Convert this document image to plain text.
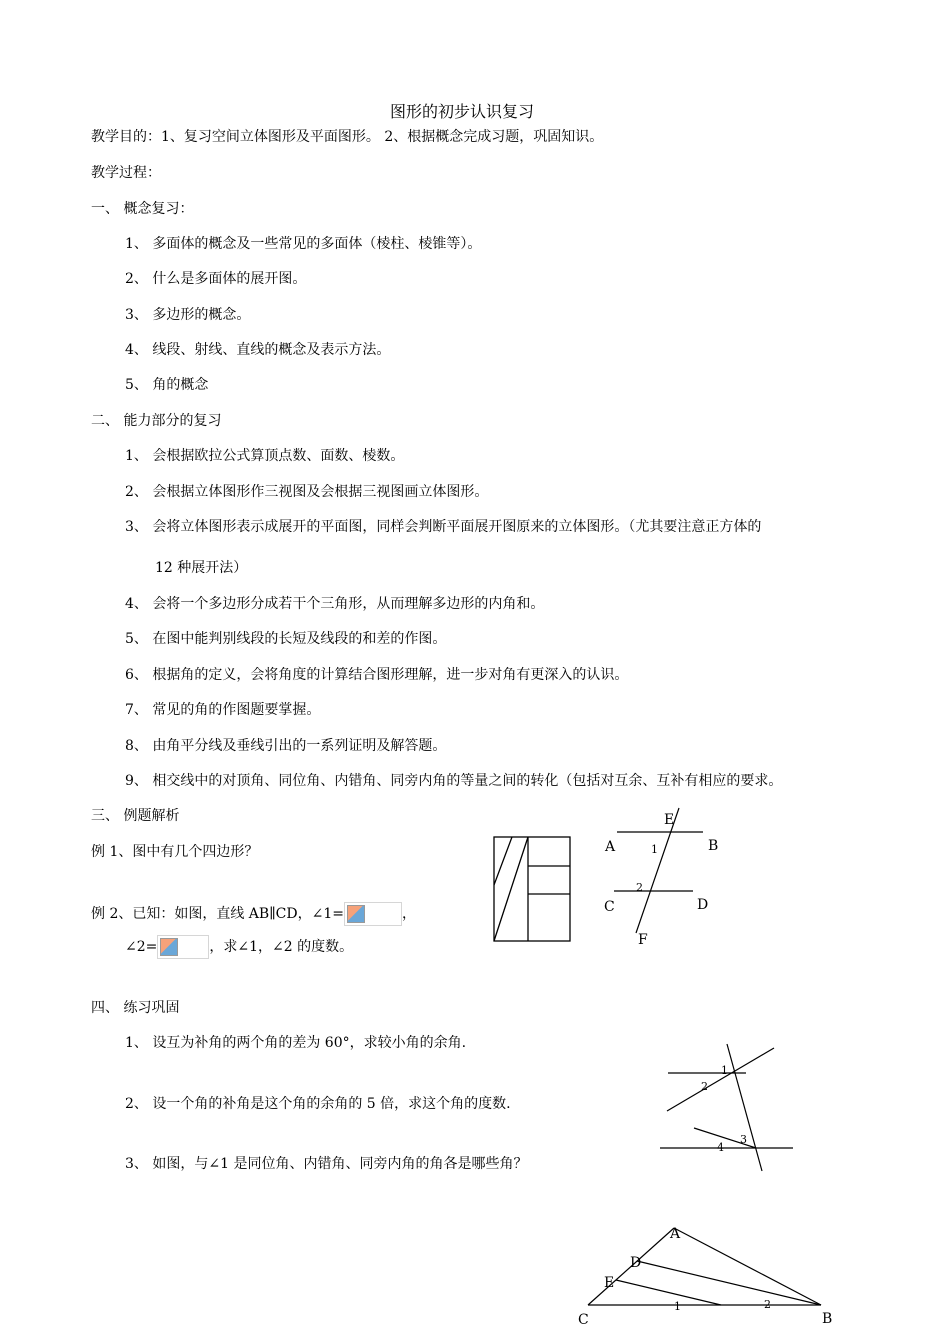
图形的初步认识复习
教学目的：1、复习空间立体图形及平面图形。 2、根据概念完成习题，巩固知识。
教学过程：
一、 概念复习：
1、 多面体的概念及一些常见的多面体（棱柱、棱锥等）。
2、 什么是多面体的展开图。
3、 多边形的概念。
4、 线段、射线、直线的概念及表示方法。
5、 角的概念
二、 能力部分的复习
1、 会根据欧拉公式算顶点数、面数、棱数。
2、 会根据立体图形作三视图及会根据三视图画立体图形。
3、 会将立体图形表示成展开的平面图，同样会判断平面展开图原来的立体图形。（尤其要注意正方体的
12 种展开法）
4、 会将一个多边形分成若干个三角形，从而理解多边形的内角和。
5、 在图中能判别线段的长短及线段的和差的作图。
6、 根据角的定义，会将角度的计算结合图形理解，进一步对角有更深入的认识。
7、 常见的角的作图题要掌握。
8、 由角平分线及垂线引出的一系列证明及解答题。
9、 相交线中的对顶角、同位角、内错角、同旁内角的等量之间的转化（包括对互余、互补有相应的要求。
三、 例题解析
例 1、图中有几个四边形？
例 2、已知：如图，直线 AB∥CD，∠1=	，
∠2=	，求∠1，∠2 的度数。
四、 练习巩固
1、 设互为补角的两个角的差为 60°，求较小角的余角.
2、 设一个角的补角是这个角的余角的 5 倍，求这个角的度数.
3、 如图，与∠1 是同位角、内错角、同旁内角的角各是哪些角？
E
A	B
1
2
C	D
F
1
2
3
4
A
D
E
C	B
1	2
